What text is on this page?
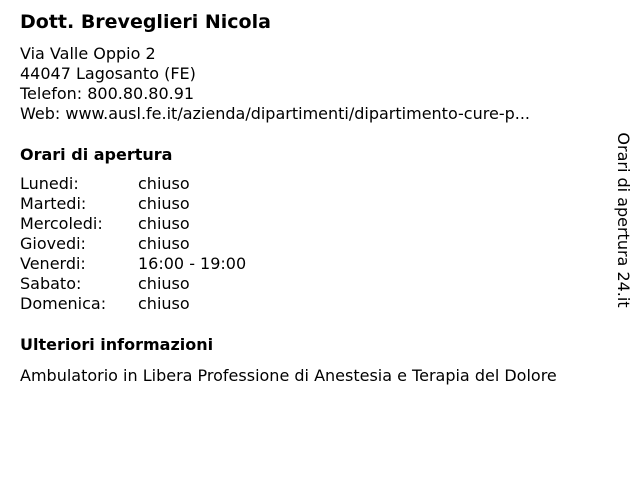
Dott. Breveglieri Nicola
Via Valle Oppio 2
44047 Lagosanto (FE)
Telefon: 800.80.80.91
Web: www.ausl.fe.it/azienda/dipartimenti/dipartimento-cure-p...
Orari di apertura
Lunedi:	chiuso
Martedi:	chiuso
Mercoledi:	chiuso
Giovedi:	chiuso
Venerdi:	16:00 - 19:00
Sabato:	chiuso
Domenica:	chiuso
Ulteriori informazioni
Ambulatorio in Libera Professione di Anestesia e Terapia del Dolore
Orari di apertura 24.it
